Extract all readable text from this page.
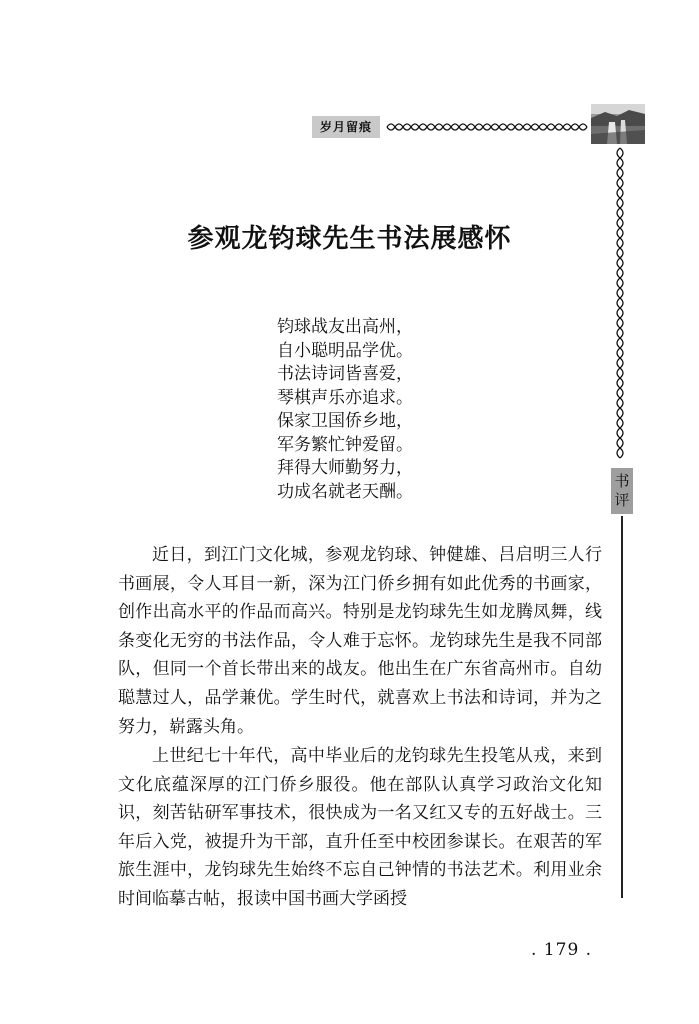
岁月留痕
书
评
参观龙钧球先生书法展感怀
钧球战友出高州，
自小聪明品学优。
书法诗词皆喜爱，
琴棋声乐亦追求。
保家卫国侨乡地，
军务繁忙钟爱留。
拜得大师勤努力，
功成名就老天酬。

近日，到江门文化城，参观龙钧球、钟健雄、吕启明三人行书画展，令人耳目一新，深为江门侨乡拥有如此优秀的书画家，创作出高水平的作品而高兴。特别是龙钧球先生如龙腾凤舞，线条变化无穷的书法作品，令人难于忘怀。龙钧球先生是我不同部队，但同一个首长带出来的战友。他出生在广东省高州市。自幼聪慧过人，品学兼优。学生时代，就喜欢上书法和诗词，并为之努力，崭露头角。

上世纪七十年代，高中毕业后的龙钧球先生投笔从戎，来到文化底蕴深厚的江门侨乡服役。他在部队认真学习政治文化知识，刻苦钻研军事技术，很快成为一名又红又专的五好战士。三年后入党，被提升为干部，直升任至中校团参谋长。在艰苦的军旅生涯中，龙钧球先生始终不忘自己钟情的书法艺术。利用业余时间临摹古帖，报读中国书画大学函授

. 179 .
